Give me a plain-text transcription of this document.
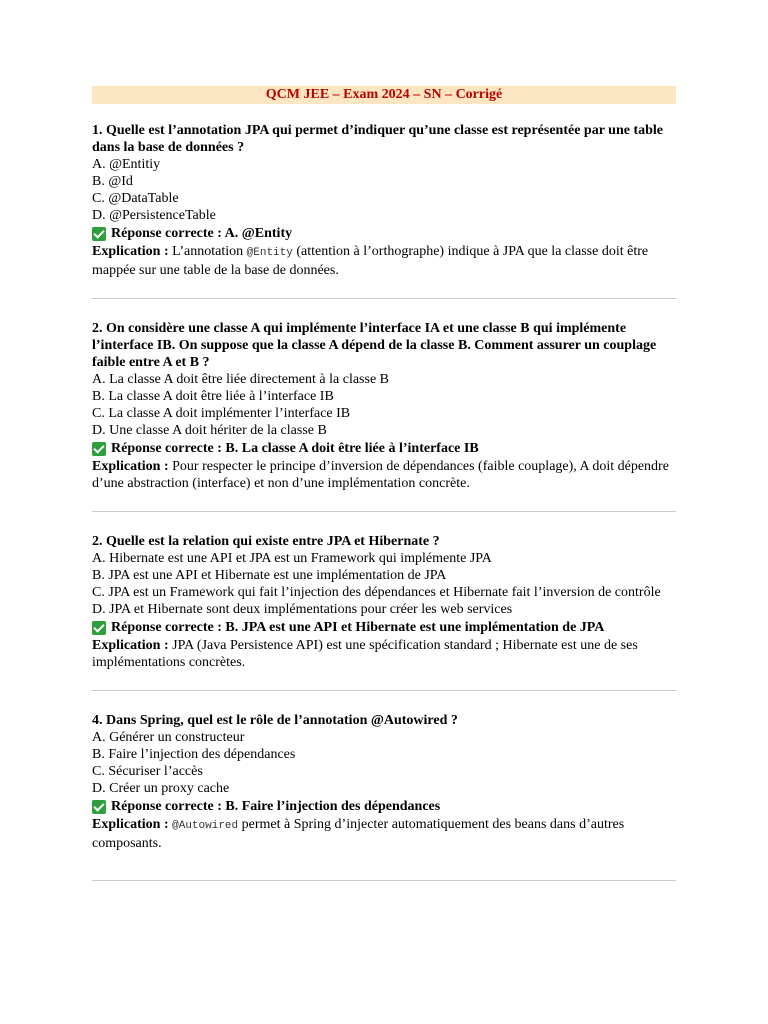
QCM JEE – Exam 2024 – SN – Corrigé

1. Quelle est l’annotation JPA qui permet d’indiquer qu’une classe est représentée par une table dans la base de données ?

A. @Entitiy

B. @Id

C. @DataTable

D. @PersistenceTable

Réponse correcte : A. @Entity

Explication : L’annotation @Entity (attention à l’orthographe) indique à JPA que la classe doit être mappée sur une table de la base de données.

2. On considère une classe A qui implémente l’interface IA et une classe B qui implémente l’interface IB. On suppose que la classe A dépend de la classe B. Comment assurer un couplage faible entre A et B ?

A. La classe A doit être liée directement à la classe B

B. La classe A doit être liée à l’interface IB

C. La classe A doit implémenter l’interface IB

D. Une classe A doit hériter de la classe B

Réponse correcte : B. La classe A doit être liée à l’interface IB

Explication : Pour respecter le principe d’inversion de dépendances (faible couplage), A doit dépendre d’une abstraction (interface) et non d’une implémentation concrète.

2. Quelle est la relation qui existe entre JPA et Hibernate ?

A. Hibernate est une API et JPA est un Framework qui implémente JPA

B. JPA est une API et Hibernate est une implémentation de JPA

C. JPA est un Framework qui fait l’injection des dépendances et Hibernate fait l’inversion de contrôle

D. JPA et Hibernate sont deux implémentations pour créer les web services

Réponse correcte : B. JPA est une API et Hibernate est une implémentation de JPA

Explication : JPA (Java Persistence API) est une spécification standard ; Hibernate est une de ses implémentations concrètes.

4. Dans Spring, quel est le rôle de l’annotation @Autowired ?

A. Générer un constructeur

B. Faire l’injection des dépendances

C. Sécuriser l’accès

D. Créer un proxy cache

Réponse correcte : B. Faire l’injection des dépendances

Explication : @Autowired permet à Spring d’injecter automatiquement des beans dans d’autres composants.
